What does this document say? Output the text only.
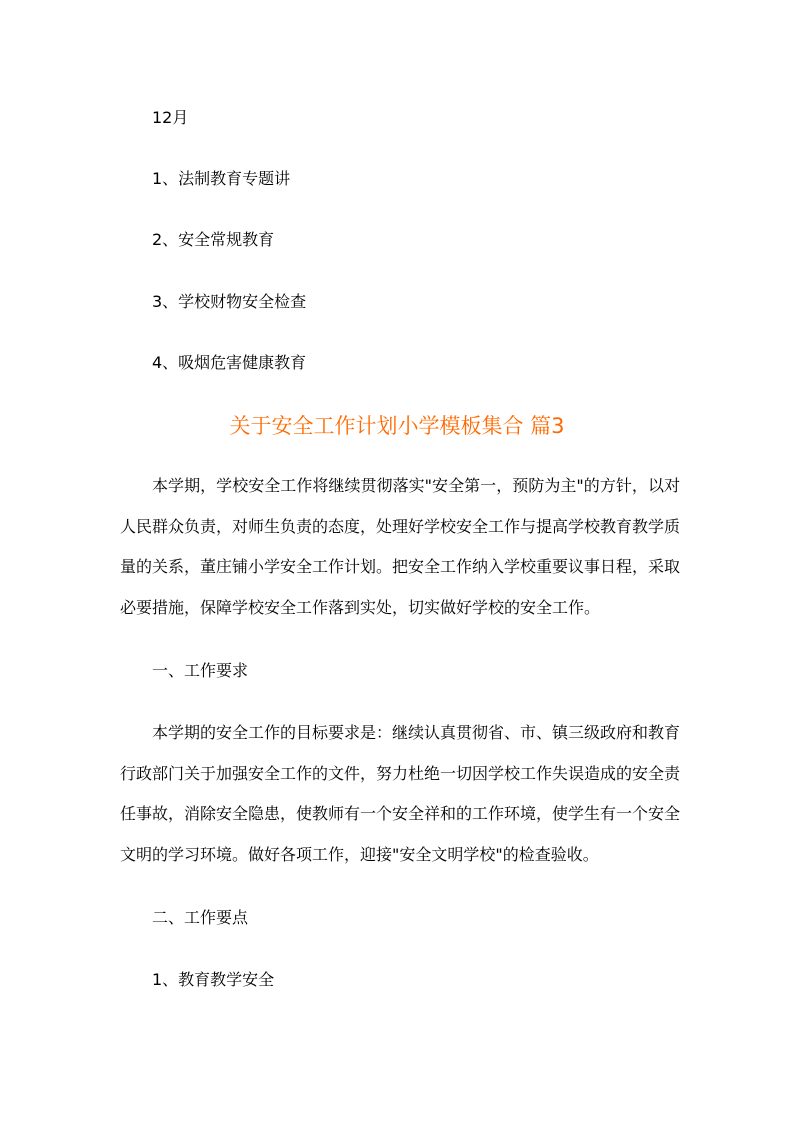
12月
1、法制教育专题讲
2、安全常规教育
3、学校财物安全检查
4、吸烟危害健康教育
关于安全工作计划小学模板集合 篇3
本学期，学校安全工作将继续贯彻落实"安全第一，预防为主"的方针，以对人民群众负责，对师生负责的态度，处理好学校安全工作与提高学校教育教学质量的关系，董庄铺小学安全工作计划。把安全工作纳入学校重要议事日程，采取必要措施，保障学校安全工作落到实处，切实做好学校的安全工作。
一、工作要求
本学期的安全工作的目标要求是：继续认真贯彻省、市、镇三级政府和教育行政部门关于加强安全工作的文件，努力杜绝一切因学校工作失误造成的安全责任事故，消除安全隐患，使教师有一个安全祥和的工作环境，使学生有一个安全文明的学习环境。做好各项工作，迎接"安全文明学校"的检查验收。
二、工作要点
1、教育教学安全
